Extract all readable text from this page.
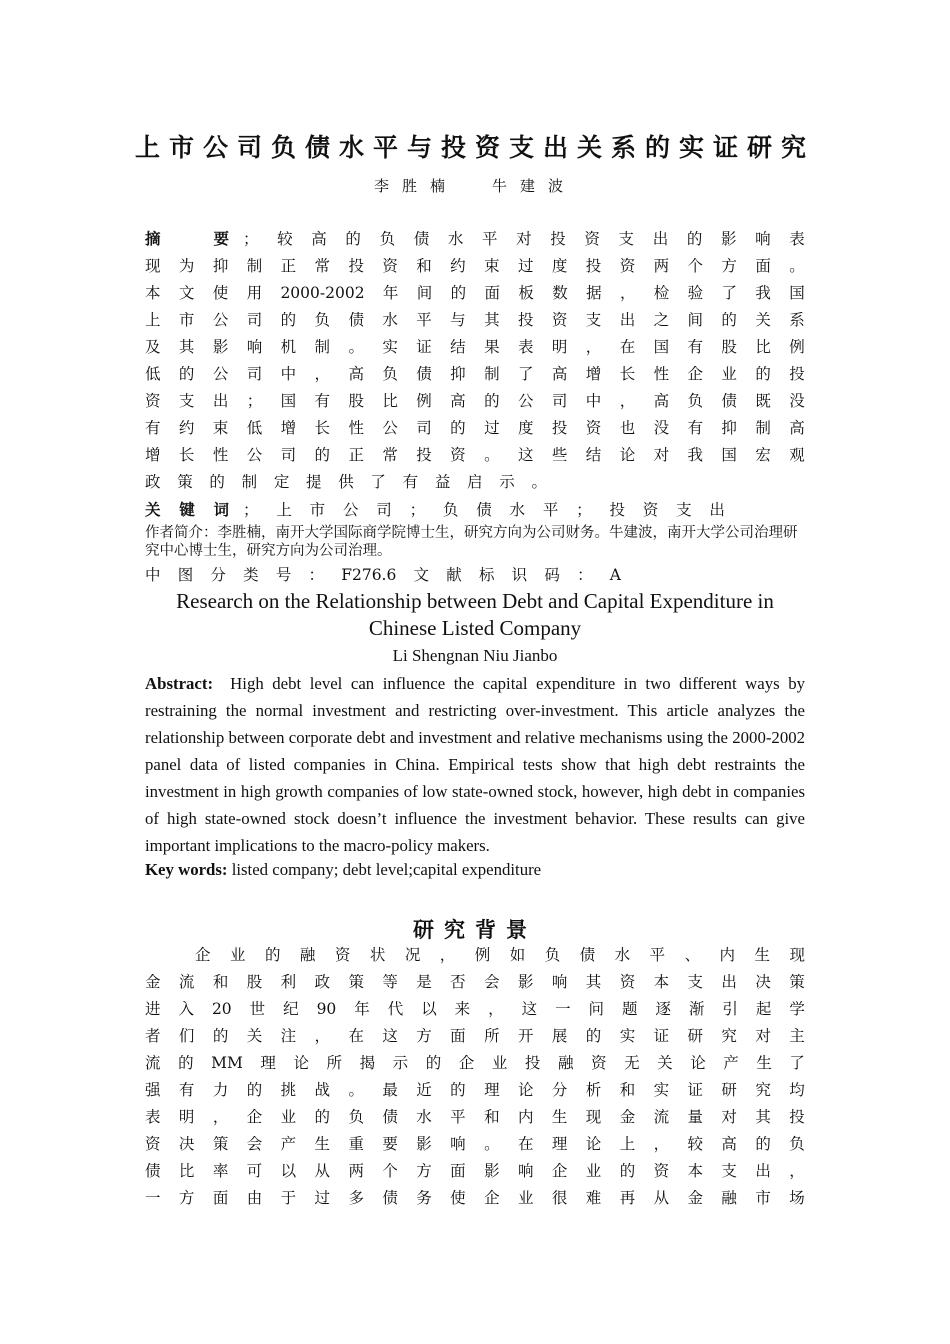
上市公司负债水平与投资支出关系的实证研究
李胜楠 牛建波
摘	要 ； 较 高 的 负 债 水 平 对 投 资 支 出 的 影 响 表
现 为 抑 制 正 常 投 资 和 约 束 过 度 投 资 两 个 方 面 。
本 文 使 用 2000-2002 年 间 的 面 板 数 据 ， 检 验 了 我 国
上 市 公 司 的 负 债 水 平 与 其 投 资 支 出 之 间 的 关 系
及 其 影 响 机 制 。 实 证 结 果 表 明 ， 在 国 有 股 比 例
低 的 公 司 中 ， 高 负 债 抑 制 了 高 增 长 性 企 业 的 投
资 支 出 ； 国 有 股 比 例 高 的 公 司 中 ， 高 负 债 既 没
有 约 束 低 增 长 性 公 司 的 过 度 投 资 也 没 有 抑 制 高
增 长 性 公 司 的 正 常 投 资 。 这 些 结 论 对 我 国 宏 观
政 策 的 制 定 提 供 了 有 益 启 示 。
关 键 词 ； 上 市 公 司 ； 负 债 水 平 ； 投 资 支 出
作者简介：李胜楠，南开大学国际商学院博士生，研究方向为公司财务。牛建波，南开大学公司治理研究中心博士生，研究方向为公司治理。
中 图 分 类 号 ： F276.6 文 献 标 识 码 ： A
Research on the Relationship between Debt and Capital Expenditure in Chinese Listed Company
Li Shengnan Niu Jianbo
Abstract: High debt level can influence the capital expenditure in two different ways by restraining the normal investment and restricting over-investment. This article analyzes the relationship between corporate debt and investment and relative mechanisms using the 2000-2002 panel data of listed companies in China. Empirical tests show that high debt restraints the investment in high growth companies of low state-owned stock, however, high debt in companies of high state-owned stock doesn’t influence the investment behavior. These results can give important implications to the macro-policy makers.
Key words: listed company; debt level;capital expenditure
研究背景
企 业 的 融 资 状 况 ， 例 如 负 债 水 平 、 内 生 现
金 流 和 股 利 政 策 等 是 否 会 影 响 其 资 本 支 出 决 策
进 入 20 世 纪 90 年 代 以 来 ， 这 一 问 题 逐 渐 引 起 学
者 们 的 关 注 ， 在 这 方 面 所 开 展 的 实 证 研 究 对 主
流 的 MM 理 论 所 揭 示 的 企 业 投 融 资 无 关 论 产 生 了
强 有 力 的 挑 战 。 最 近 的 理 论 分 析 和 实 证 研 究 均
表 明 ， 企 业 的 负 债 水 平 和 内 生 现 金 流 量 对 其 投
资 决 策 会 产 生 重 要 影 响 。 在 理 论 上 ， 较 高 的 负
债 比 率 可 以 从 两 个 方 面 影 响 企 业 的 资 本 支 出 ，
一 方 面 由 于 过 多 债 务 使 企 业 很 难 再 从 金 融 市 场
